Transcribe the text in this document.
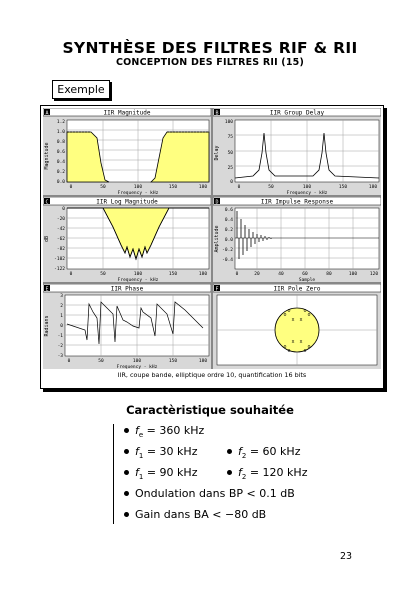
SYNTHÈSE DES FILTRES RIF & RII
CONCEPTION DES FILTRES RII (15)
Exemple
A	IIR Magnitude
Magnitude
1.2
1.0
0.8
0.6
0.4
0.2
0.0
0	50	100	150	180
Frequency - kHz
B	IIR Group Delay
Delay
100
75
50
25
0
0	50	100	150	180
Frequency - kHz
C	IIR Log Magnitude
dB
0
-20
-42
-62
-82
-102
-122
0	50	100	150	180
Frequency - kHz
D	IIR Impulse Response
Amplitude
0.6
0.4
0.2
0.0
-0.2
-0.4
0	20	40	60	80	100	120
Sample
E	IIR Phase
Radians
3
2
1
0
-1
-2
-3
0	50	100	150	180
Frequency - kHz
F	IIR Pole Zero
o	o
o	o
o	o
o	o
x x
x x
IIR, coupe bande, elliptique ordre 10, quantification 16 bits
Caractèristique souhaitée
$f_e = 360$ kHz
$f_1 = 30$ kHz	$f_2 = 60$ kHz
$f_1 = 90$ kHz	$f_2 = 120$ kHz
Ondulation dans BP < 0.1 dB
Gain dans BA < −80 dB
23
